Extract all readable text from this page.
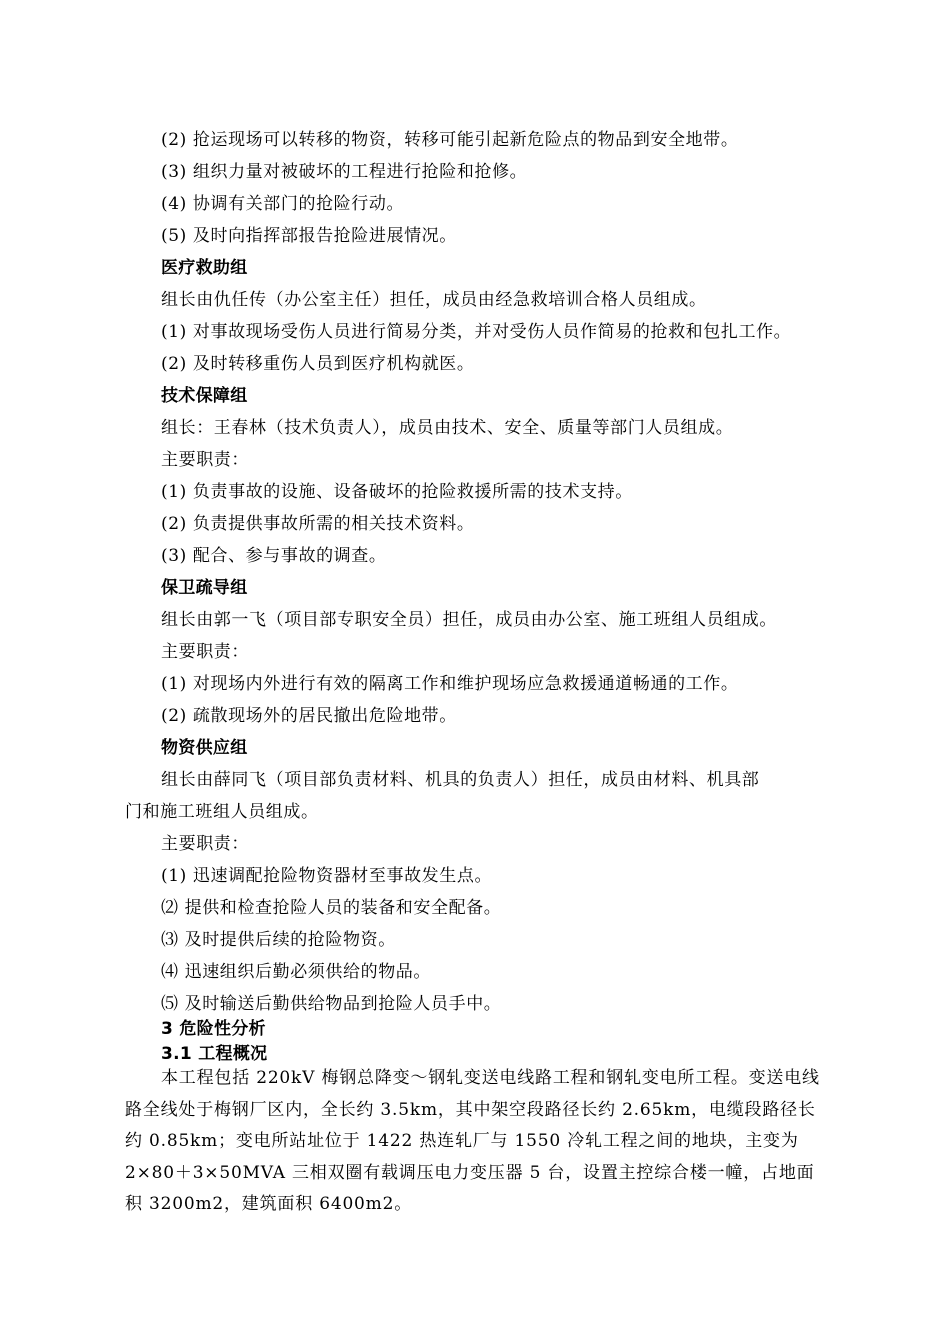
(2) 抢运现场可以转移的物资，转移可能引起新危险点的物品到安全地带。
(3) 组织力量对被破坏的工程进行抢险和抢修。
(4) 协调有关部门的抢险行动。
(5) 及时向指挥部报告抢险进展情况。
医疗救助组
组长由仇任传（办公室主任）担任，成员由经急救培训合格人员组成。
(1) 对事故现场受伤人员进行简易分类，并对受伤人员作简易的抢救和包扎工作。
(2) 及时转移重伤人员到医疗机构就医。
技术保障组
组长：王春林（技术负责人），成员由技术、安全、质量等部门人员组成。
主要职责：
(1) 负责事故的设施、设备破坏的抢险救援所需的技术支持。
(2) 负责提供事故所需的相关技术资料。
(3) 配合、参与事故的调查。
保卫疏导组
组长由郭一飞（项目部专职安全员）担任，成员由办公室、施工班组人员组成。
主要职责：
(1) 对现场内外进行有效的隔离工作和维护现场应急救援通道畅通的工作。
(2) 疏散现场外的居民撤出危险地带。
物资供应组
组长由薛同飞（项目部负责材料、机具的负责人）担任，成员由材料、机具部
门和施工班组人员组成。
主要职责：
(1) 迅速调配抢险物资器材至事故发生点。
⑵ 提供和检查抢险人员的装备和安全配备。
⑶ 及时提供后续的抢险物资。
⑷ 迅速组织后勤必须供给的物品。
⑸ 及时输送后勤供给物品到抢险人员手中。
3 危险性分析
3.1 工程概况
本工程包括 220kV 梅钢总降变～钢轧变送电线路工程和钢轧变电所工程。变送电线路全线处于梅钢厂区内，全长约 3.5km，其中架空段路径长约 2.65km，电缆段路径长约 0.85km；变电所站址位于 1422 热连轧厂与 1550 冷轧工程之间的地块，主变为 2×80＋3×50MVA 三相双圈有载调压电力变压器 5 台，设置主控综合楼一幢，占地面积 3200m2，建筑面积 6400m2。
